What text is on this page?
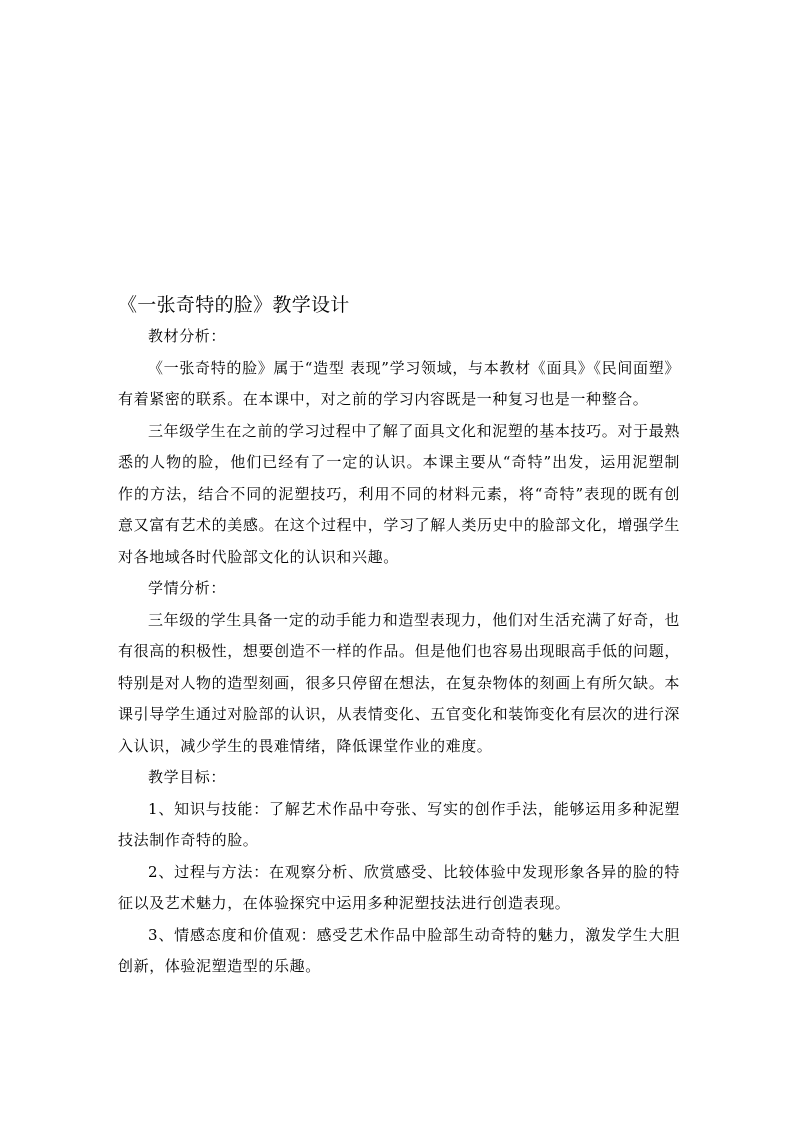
《一张奇特的脸》教学设计

教材分析：

《一张奇特的脸》属于“造型 表现”学习领域，与本教材《面具》《民间面塑》有着紧密的联系。在本课中，对之前的学习内容既是一种复习也是一种整合。

三年级学生在之前的学习过程中了解了面具文化和泥塑的基本技巧。对于最熟悉的人物的脸，他们已经有了一定的认识。本课主要从“奇特”出发，运用泥塑制作的方法，结合不同的泥塑技巧，利用不同的材料元素，将“奇特”表现的既有创意又富有艺术的美感。在这个过程中，学习了解人类历史中的脸部文化，增强学生对各地域各时代脸部文化的认识和兴趣。

学情分析：

三年级的学生具备一定的动手能力和造型表现力，他们对生活充满了好奇，也有很高的积极性，想要创造不一样的作品。但是他们也容易出现眼高手低的问题，特别是对人物的造型刻画，很多只停留在想法，在复杂物体的刻画上有所欠缺。本课引导学生通过对脸部的认识，从表情变化、五官变化和装饰变化有层次的进行深入认识，减少学生的畏难情绪，降低课堂作业的难度。

教学目标：

1、知识与技能：了解艺术作品中夸张、写实的创作手法，能够运用多种泥塑技法制作奇特的脸。

2、过程与方法：在观察分析、欣赏感受、比较体验中发现形象各异的脸的特征以及艺术魅力，在体验探究中运用多种泥塑技法进行创造表现。

3、情感态度和价值观：感受艺术作品中脸部生动奇特的魅力，激发学生大胆创新，体验泥塑造型的乐趣。
